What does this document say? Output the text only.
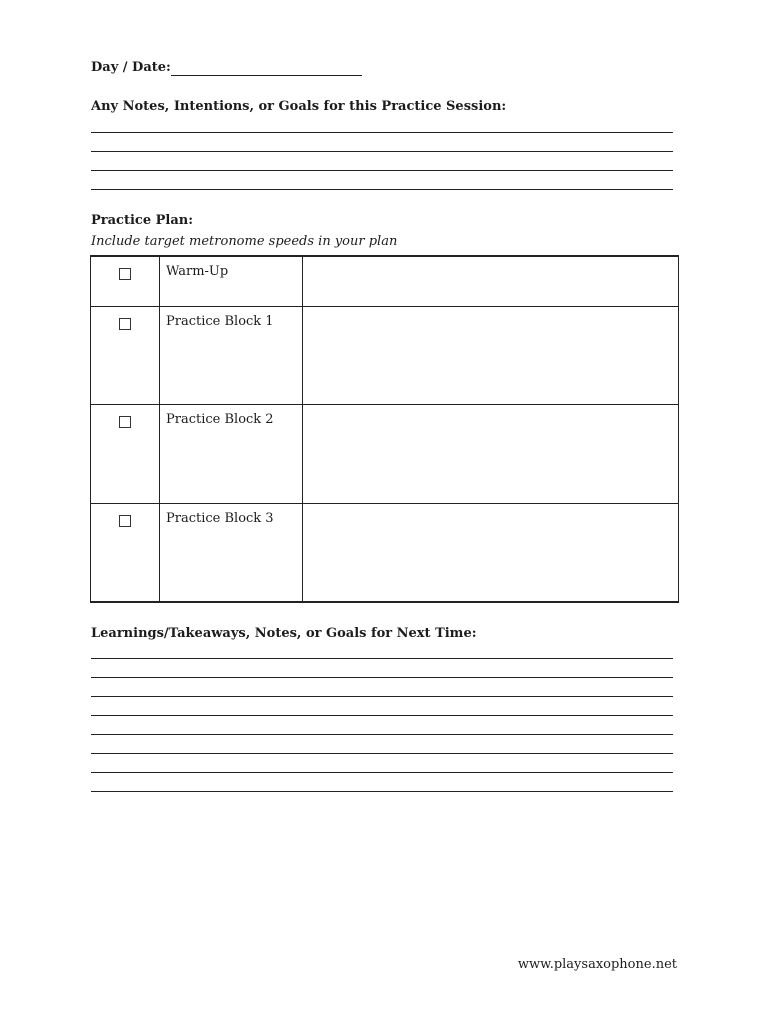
Day / Date:
Any Notes, Intentions, or Goals for this Practice Session:
Practice Plan:
Include target metronome speeds in your plan

	Warm-Up	

	Practice Block 1	

	Practice Block 2	

	Practice Block 3	

Learnings/Takeaways, Notes, or Goals for Next Time:
www.playsaxophone.net
